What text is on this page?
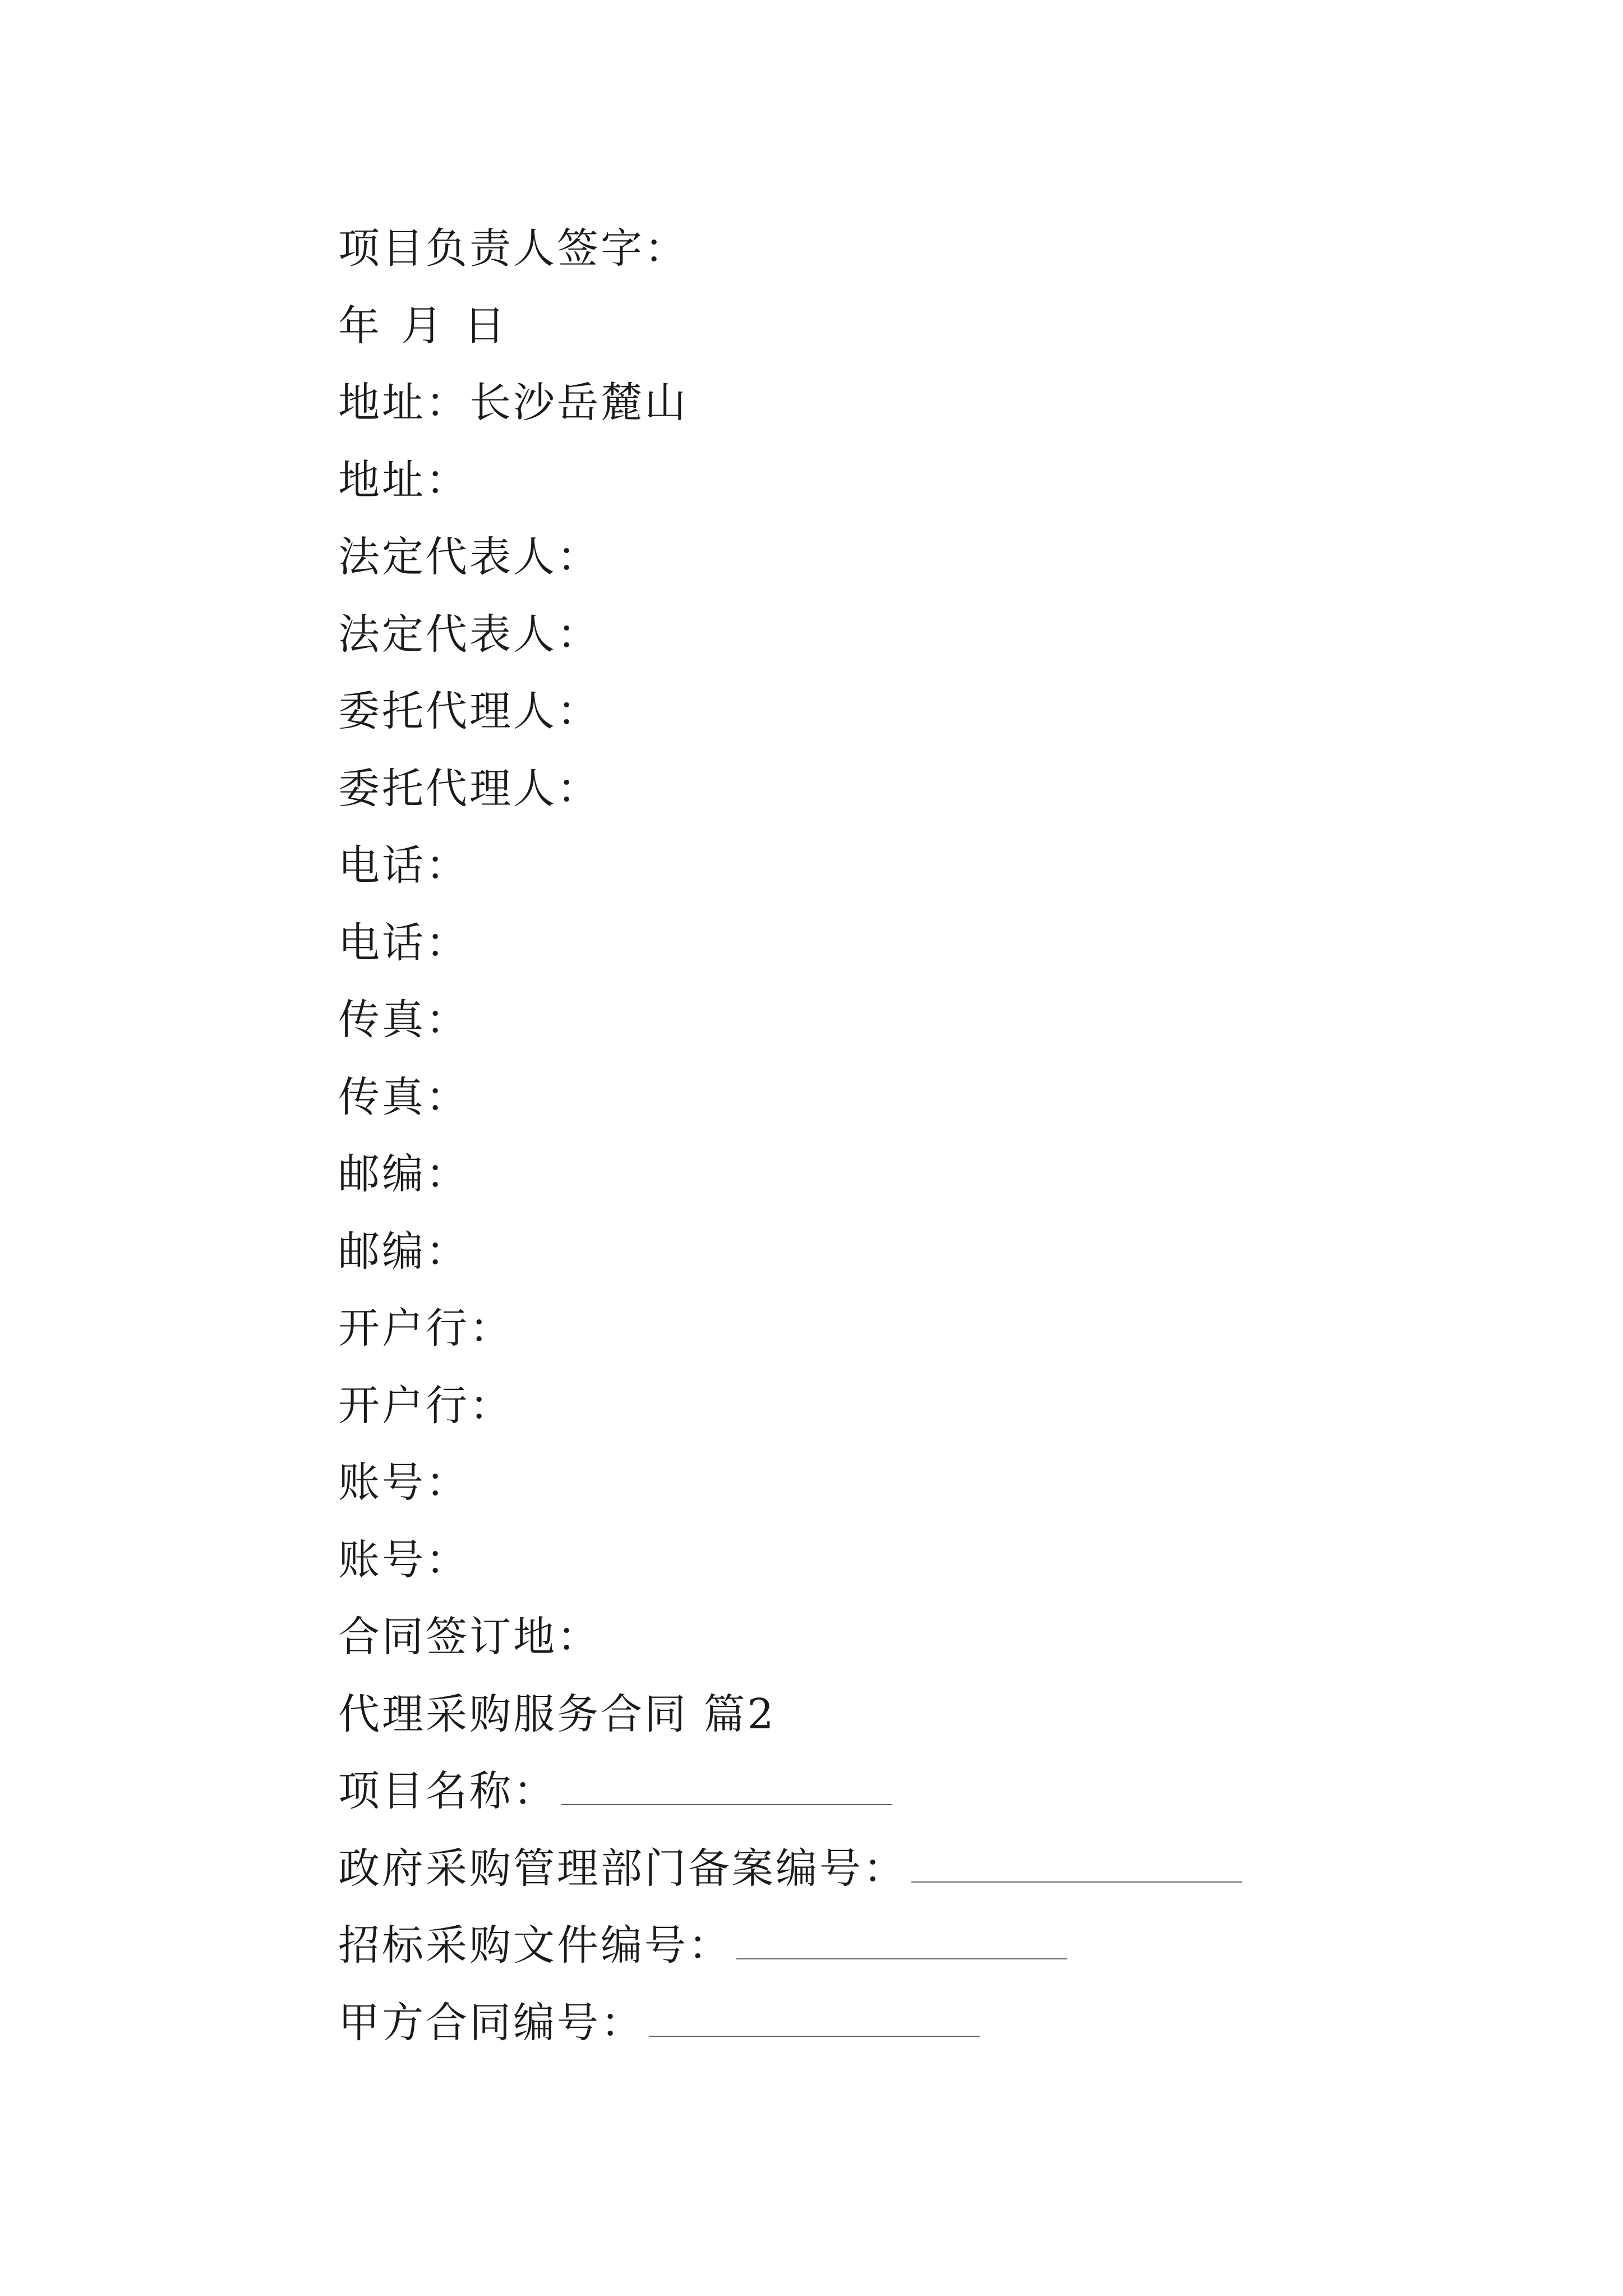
项目负责人签字：
年 月 日
地址：长沙岳麓山
地址：
法定代表人：
法定代表人：
委托代理人：
委托代理人：
电话：
电话：
传真：
传真：
邮编：
邮编：
开户行：
开户行：
账号：
账号：
合同签订地：
代理采购服务合同 篇2
项目名称：
政府采购管理部门备案编号：
招标采购文件编号：
甲方合同编号：
